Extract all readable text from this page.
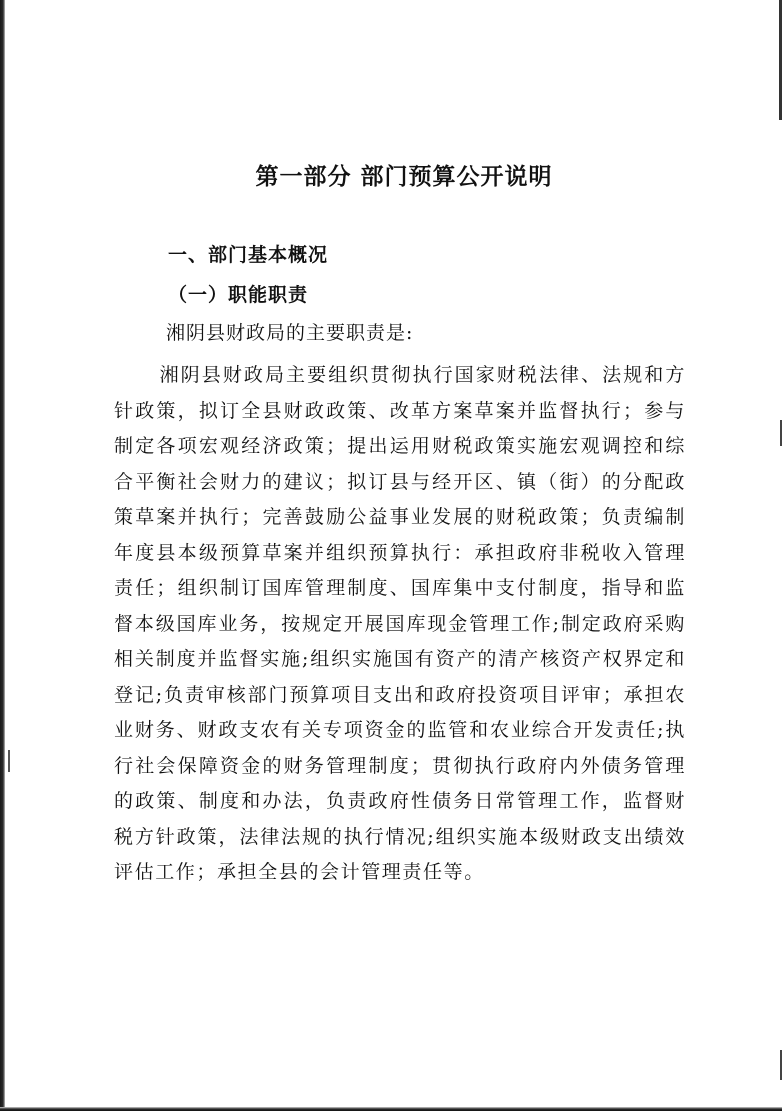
第一部分 部门预算公开说明
一、部门基本概况
（一）职能职责

湘阴县财政局的主要职责是:

湘阴县财政局主要组织贯彻执行国家财税法律、法规和方针政策，拟订全县财政政策、改革方案草案并监督执行；参与制定各项宏观经济政策；提出运用财税政策实施宏观调控和综合平衡社会财力的建议；拟订县与经开区、镇（街）的分配政策草案并执行；完善鼓励公益事业发展的财税政策；负责编制年度县本级预算草案并组织预算执行：承担政府非税收入管理责任；组织制订国库管理制度、国库集中支付制度，指导和监督本级国库业务，按规定开展国库现金管理工作;制定政府采购相关制度并监督实施;组织实施国有资产的清产核资产权界定和登记;负责审核部门预算项目支出和政府投资项目评审；承担农业财务、财政支农有关专项资金的监管和农业综合开发责任;执行社会保障资金的财务管理制度；贯彻执行政府内外债务管理的政策、制度和办法，负责政府性债务日常管理工作，监督财税方针政策，法律法规的执行情况;组织实施本级财政支出绩效评估工作；承担全县的会计管理责任等。
